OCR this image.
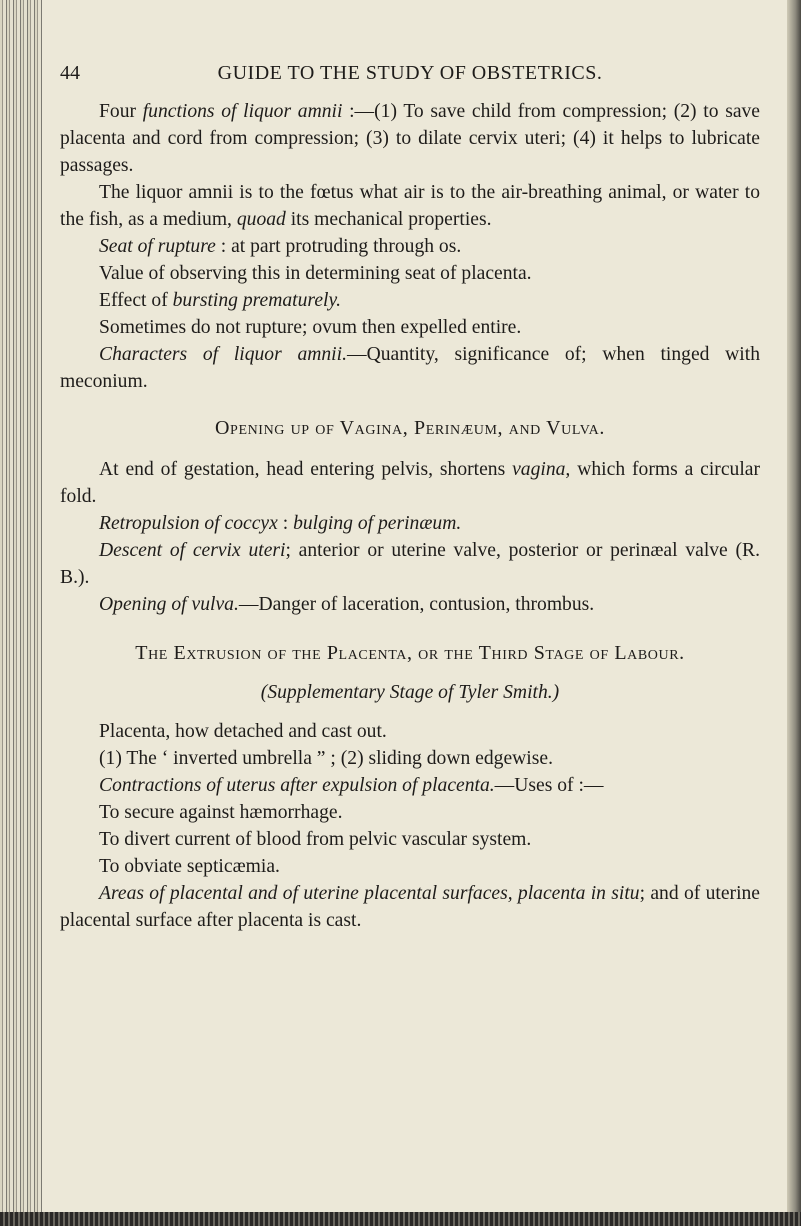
44	GUIDE TO THE STUDY OF OBSTETRICS.

Four functions of liquor amnii :—(1) To save child from compression; (2) to save placenta and cord from compression; (3) to dilate cervix uteri; (4) it helps to lubricate passages.

The liquor amnii is to the fœtus what air is to the air-breathing animal, or water to the fish, as a medium, quoad its mechanical properties.

Seat of rupture : at part protruding through os.

Value of observing this in determining seat of placenta.

Effect of bursting prematurely.

Sometimes do not rupture; ovum then expelled entire.

Characters of liquor amnii.—Quantity, significance of; when tinged with meconium.

Opening up of Vagina, Perinæum, and Vulva.

At end of gestation, head entering pelvis, shortens vagina, which forms a circular fold.

Retropulsion of coccyx : bulging of perinæum.

Descent of cervix uteri; anterior or uterine valve, posterior or perinæal valve (R. B.).

Opening of vulva.—Danger of laceration, contusion, thrombus.

The Extrusion of the Placenta, or the Third Stage of Labour.

(Supplementary Stage of Tyler Smith.)

Placenta, how detached and cast out.

(1) The ‘ inverted umbrella ” ; (2) sliding down edgewise.

Contractions of uterus after expulsion of placenta.—Uses of :—

To secure against hæmorrhage.

To divert current of blood from pelvic vascular system.

To obviate septicæmia.

Areas of placental and of uterine placental surfaces, placenta in situ; and of uterine placental surface after placenta is cast.
